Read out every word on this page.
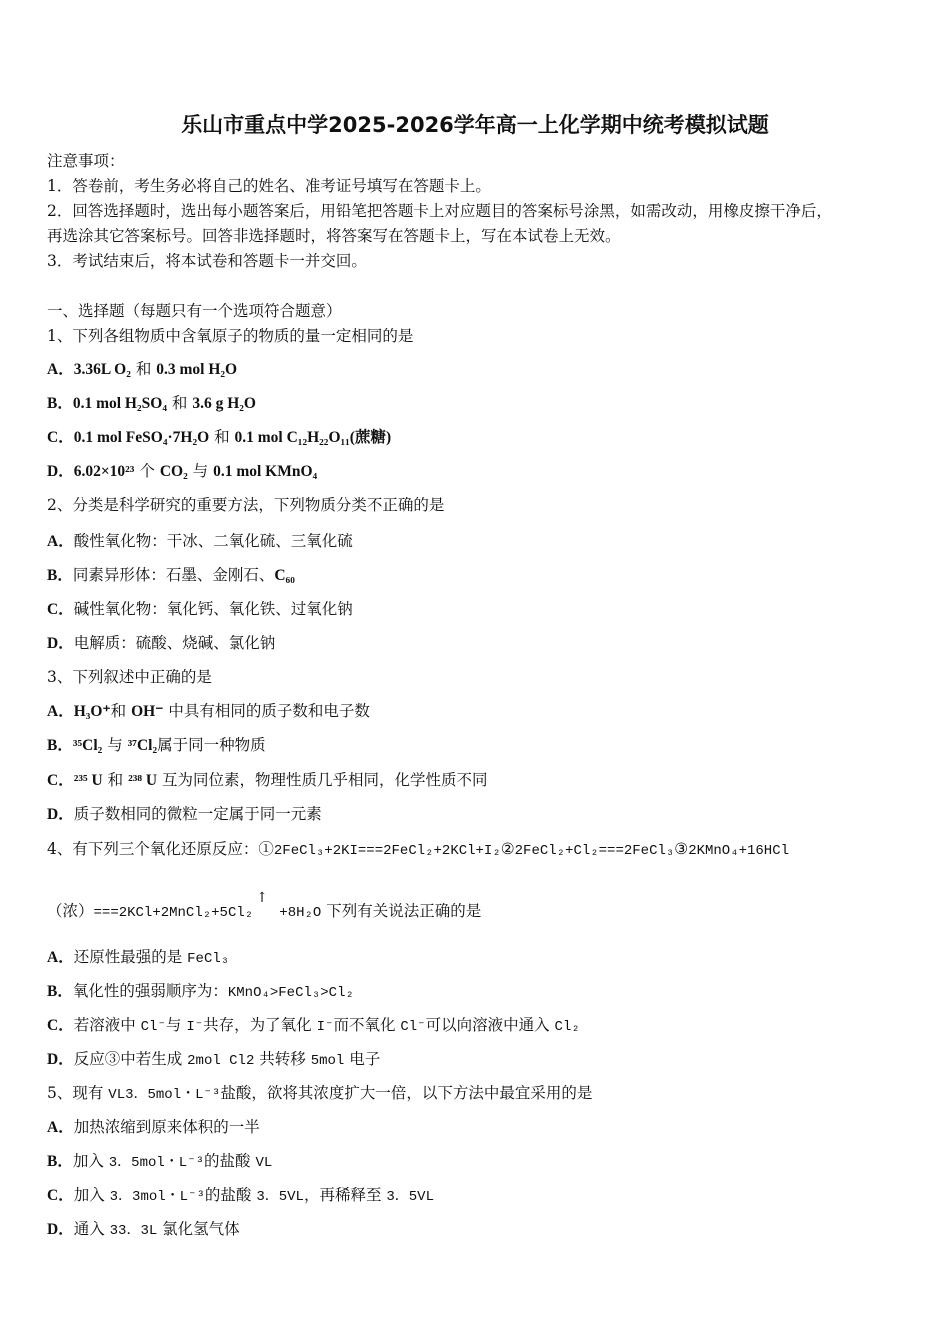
乐山市重点中学2025-2026学年高一上化学期中统考模拟试题
注意事项：
1．答卷前，考生务必将自己的姓名、准考证号填写在答题卡上。
2．回答选择题时，选出每小题答案后，用铅笔把答题卡上对应题目的答案标号涂黑，如需改动，用橡皮擦干净后，
再选涂其它答案标号。回答非选择题时，将答案写在答题卡上，写在本试卷上无效。
3．考试结束后，将本试卷和答题卡一并交回。
一、选择题（每题只有一个选项符合题意）
1、下列各组物质中含氧原子的物质的量一定相同的是
A．3.36L O₂ 和 0.3 mol H₂O
B．0.1 mol H₂SO₄ 和 3.6 g H₂O
C．0.1 mol FeSO₄·7H₂O 和 0.1 mol C₁₂H₂₂O₁₁(蔗糖)
D．6.02×10²³ 个 CO₂ 与 0.1 mol KMnO₄
2、分类是科学研究的重要方法，下列物质分类不正确的是
A．酸性氧化物：干冰、二氧化硫、三氧化硫
B．同素异形体：石墨、金刚石、C₆₀
C．碱性氧化物：氧化钙、氧化铁、过氧化钠
D．电解质：硫酸、烧碱、氯化钠
3、下列叙述中正确的是
A．H₃O⁺和 OH⁻ 中具有相同的质子数和电子数
B．³⁵Cl₂ 与 ³⁷Cl₂属于同一种物质
C．²³⁵ U 和 ²³⁸ U 互为同位素，物理性质几乎相同，化学性质不同
D．质子数相同的微粒一定属于同一元素
4、有下列三个氧化还原反应：①2FeCl₃+2KI===2FeCl₂+2KCl+I₂②2FeCl₂+Cl₂===2FeCl₃③2KMnO₄+16HCl
（浓）===2KCl+2MnCl₂+5Cl₂↑ +8H₂O 下列有关说法正确的是
A．还原性最强的是 FeCl₃
B．氧化性的强弱顺序为：KMnO₄>FeCl₃>Cl₂
C．若溶液中 Cl⁻与 I⁻共存，为了氧化 I⁻而不氧化 Cl⁻可以向溶液中通入 Cl₂
D．反应③中若生成 2mol Cl2 共转移 5mol 电子
5、现有 VL3．5mol・L⁻³盐酸，欲将其浓度扩大一倍，以下方法中最宜采用的是
A．加热浓缩到原来体积的一半
B．加入 3．5mol・L⁻³的盐酸 VL
C．加入 3．3mol・L⁻³的盐酸 3．5VL，再稀释至 3．5VL
D．通入 33．3L 氯化氢气体
